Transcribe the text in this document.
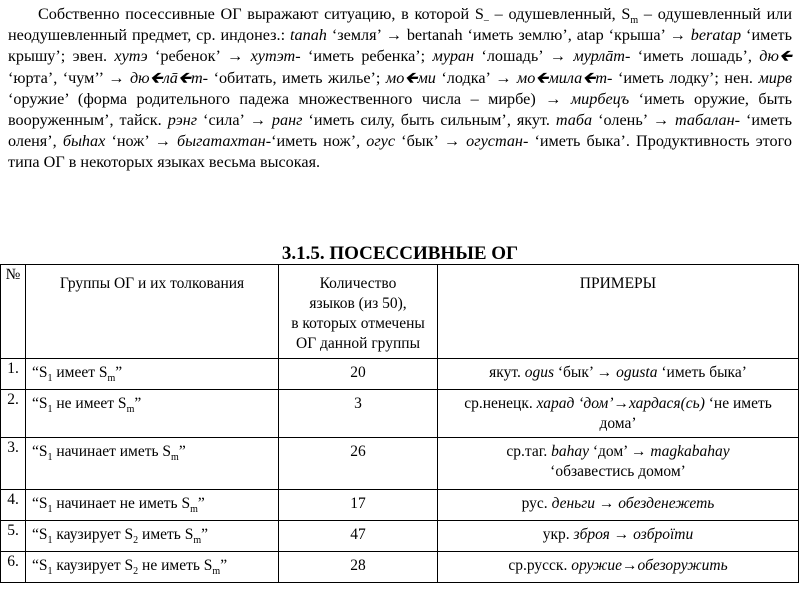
Собственно посессивные ОГ выражают ситуацию, в которой $S_-$ – одушевленный, $S_m$ – одушевленный или неодушевленный предмет, ср. индонез.: tanah ‘земля’ → bertanah ‘иметь землю’, atap ‘крыша’ → beratap ‘иметь крышу’; эвен. хутэ ‘ребенок’ → хутэт- ‘иметь ребенка’; муран ‘лошадь’ → мурлāт- ‘иметь лошадь’, дю🡸 ‘юрта’, ‘чум’’ → дю🡸лā🡸т- ‘обитать, иметь жилье’; мо🡸ми ‘лодка’ → мо🡸мила🡸т- ‘иметь лодку’; нен. мирв ‘оружие’ (форма родительного падежа множественного числа – мирбе) → мирбецъ ‘иметь оружие, быть вооруженным’, тайск. рэнг ‘сила’ → ранг ‘иметь силу, быть сильным’, якут. таба ‘олень’ → табалан- ‘иметь оленя’, быһах ‘нож’ → быгатахтан-‘иметь нож’, огус ‘бык’ → огустан- ‘иметь быка’. Продуктивность этого типа ОГ в некоторых языках весьма высокая.

3.1.5. ПОСЕССИВНЫЕ ОГ
№	Группы ОГ и их толкования	Количество
языков (из 50),
в которых отмечены
ОГ данной группы	ПРИМЕРЫ
1.	“$S_1$ имеет $S_m$”	20	якут. ogus ‘бык’ → ogusta ‘иметь быка’
2.	“$S_1$ не имеет $S_m$”	3	ср.ненецк. харад ‘дом’→хардася(сь) ‘не иметь дома’
3.	“$S_1$ начинает иметь $S_m$”	26	ср.таг. bahay ‘дом’ → magkabahay
‘обзавестись домом’
4.	“$S_1$ начинает не иметь $S_m$”	17	рус. деньги → обезденежеть
5.	“$S_1$ каузирует $S_2$ иметь $S_m$”	47	укр. зброя → озброїти
6.	“$S_1$ каузирует $S_2$ не иметь $S_m$”	28	ср.русск. оружие→обезоружить
